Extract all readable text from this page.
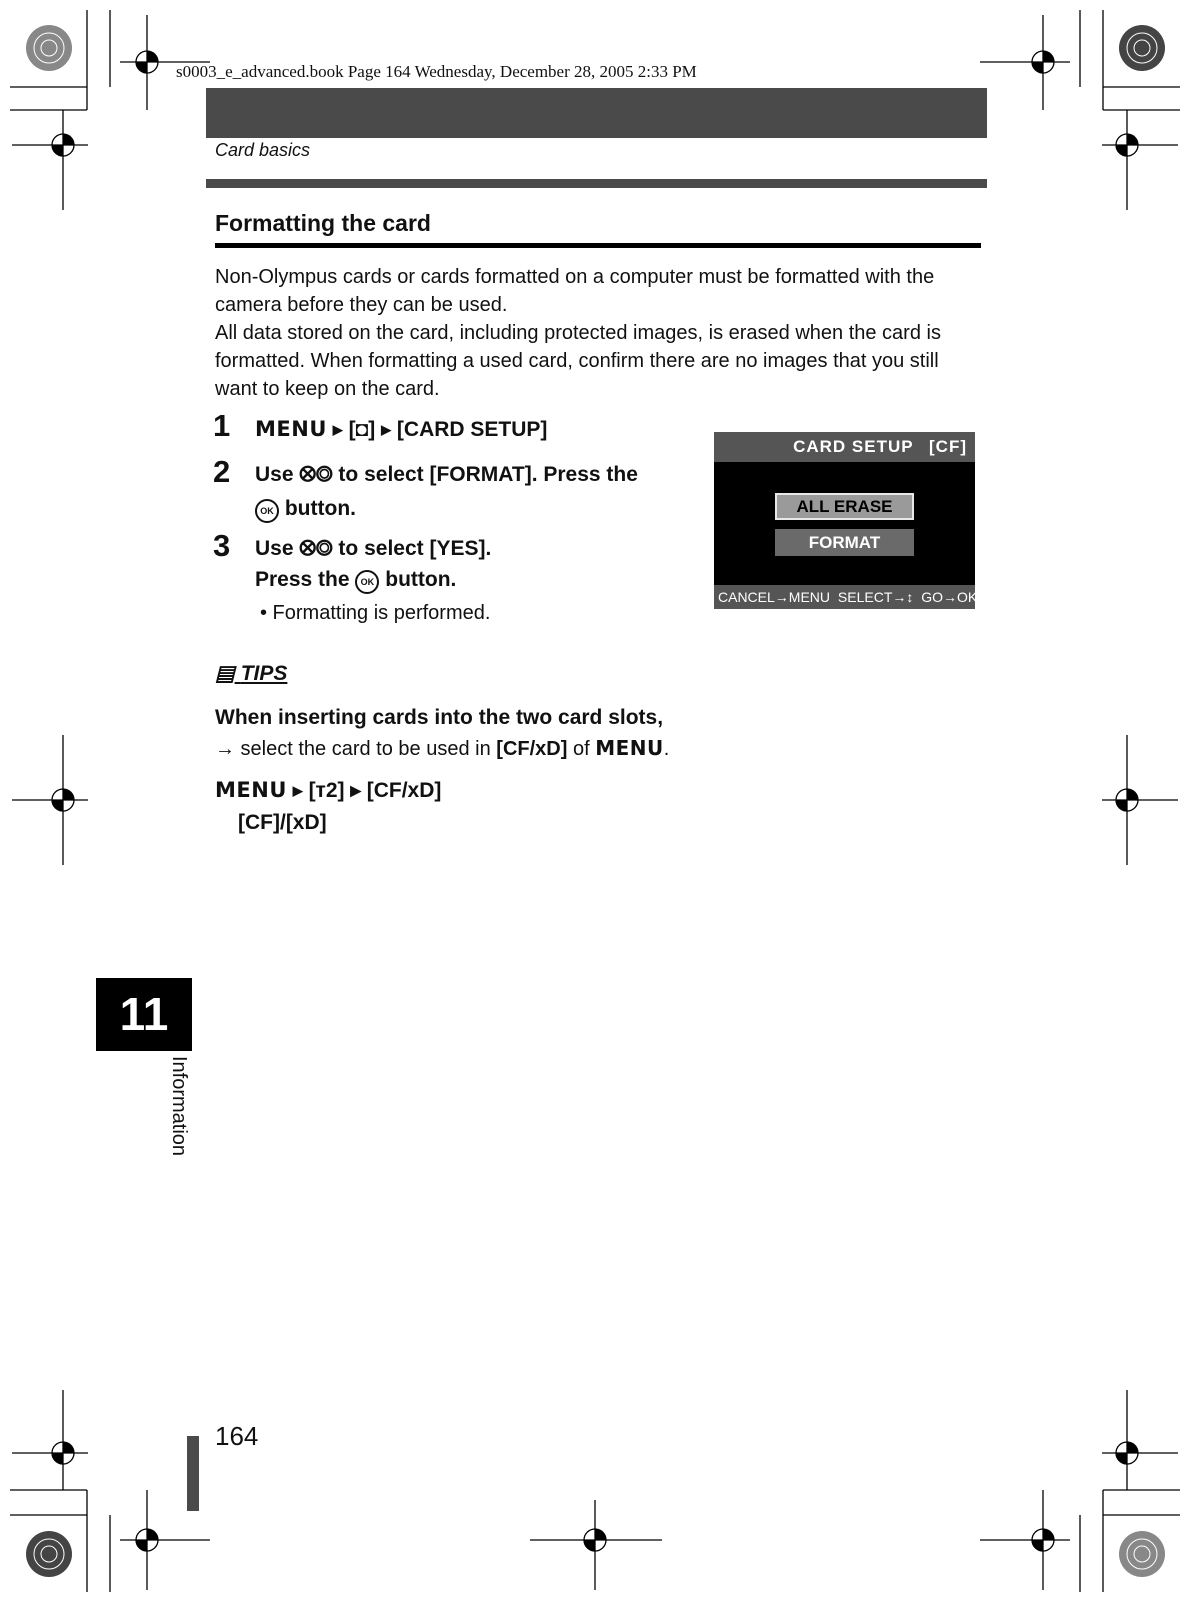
s0003_e_advanced.book Page 164 Wednesday, December 28, 2005 2:33 PM
Card basics
Formatting the card
Non-Olympus cards or cards formatted on a computer must be formatted with the camera before they can be used.
All data stored on the card, including protected images, is erased when the card is formatted. When formatting a used card, confirm there are no images that you still want to keep on the card.
1 MENU ▶ [◘] ▶ [CARD SETUP]
2 Use ⭙⭗ to select [FORMAT]. Press the
OK button.
3 Use ⭙⭗ to select [YES].
Press the OK button.
• Formatting is performed.
CARD SETUP [CF]
ALL ERASE
FORMAT
CANCEL→MENU SELECT→↕ GO→OK
▤ TIPS
When inserting cards into the two card slots,
→ select the card to be used in [CF/xD] of MENU.
MENU ▶ [т2] ▸ [CF/xD]
[CF]/[xD]
11
Information
164
